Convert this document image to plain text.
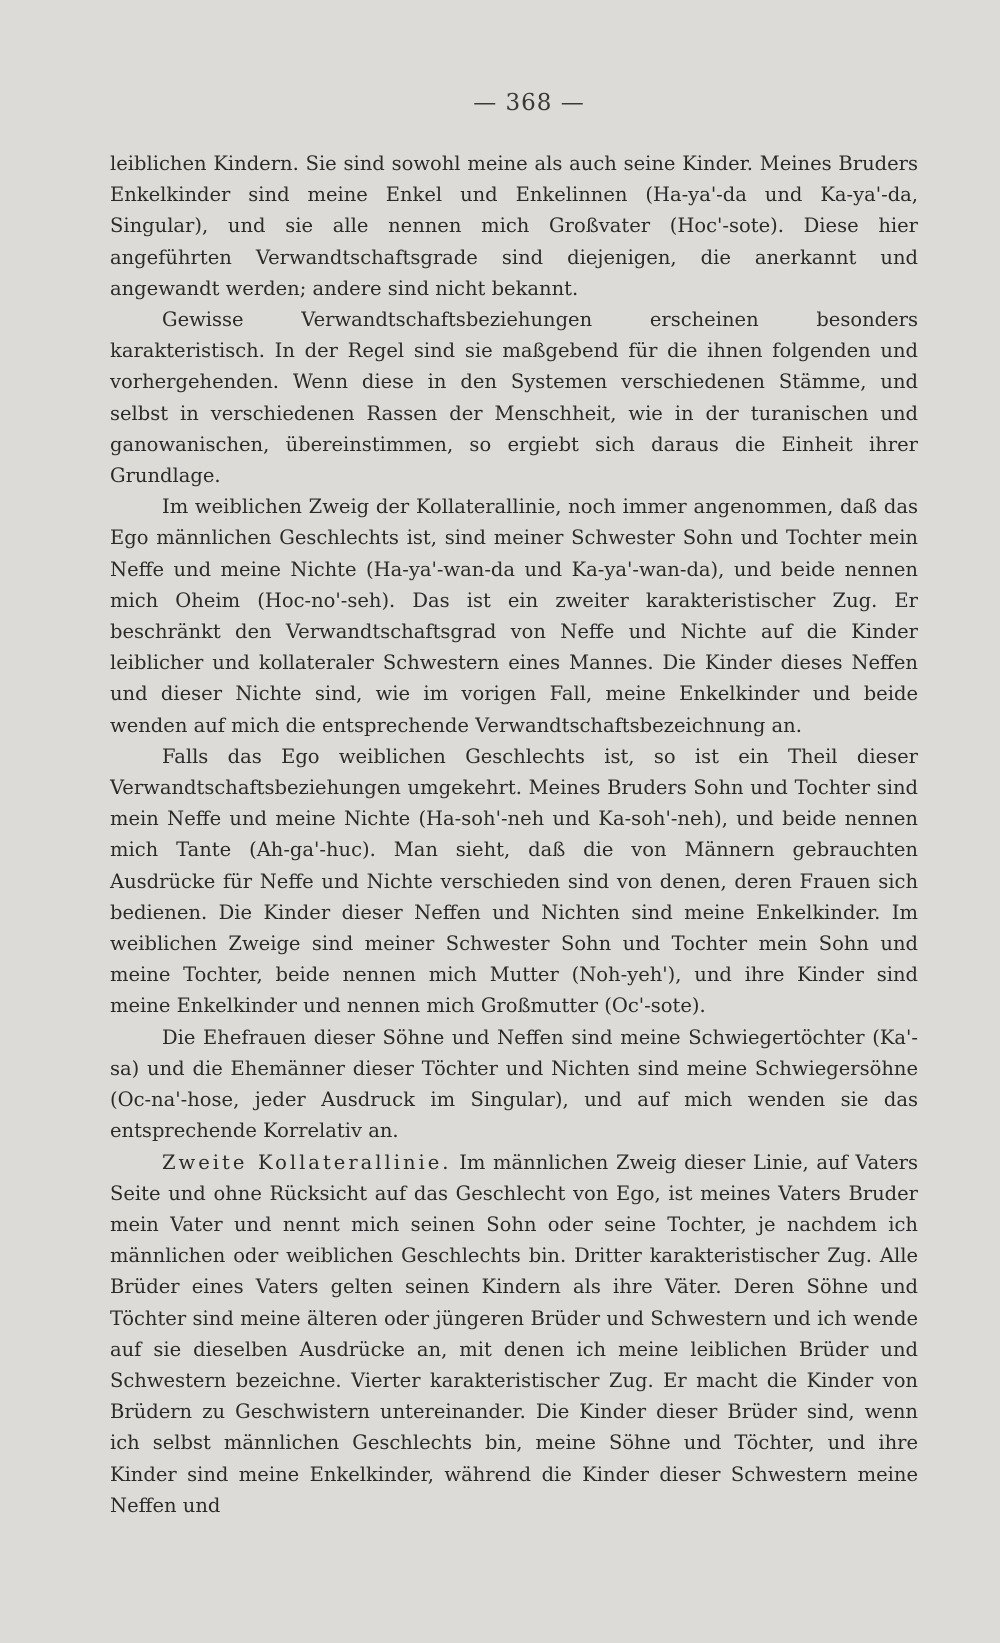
— 368 —

leiblichen Kindern. Sie sind sowohl meine als auch seine Kinder. Meines Bruders Enkelkinder sind meine Enkel und Enkelinnen (Ha-ya'-da und Ka-ya'-da, Singular), und sie alle nennen mich Großvater (Hoc'-sote). Diese hier angeführten Verwandtschaftsgrade sind diejenigen, die anerkannt und angewandt werden; andere sind nicht bekannt.

Gewisse Verwandtschaftsbeziehungen erscheinen besonders karakteristisch. In der Regel sind sie maßgebend für die ihnen folgenden und vorhergehenden. Wenn diese in den Systemen verschiedenen Stämme, und selbst in verschiedenen Rassen der Menschheit, wie in der turanischen und ganowanischen, übereinstimmen, so ergiebt sich daraus die Einheit ihrer Grundlage.

Im weiblichen Zweig der Kollaterallinie, noch immer angenommen, daß das Ego männlichen Geschlechts ist, sind meiner Schwester Sohn und Tochter mein Neffe und meine Nichte (Ha-ya'-wan-da und Ka-ya'-wan-da), und beide nennen mich Oheim (Hoc-no'-seh). Das ist ein zweiter karakteristischer Zug. Er beschränkt den Verwandtschaftsgrad von Neffe und Nichte auf die Kinder leiblicher und kollateraler Schwestern eines Mannes. Die Kinder dieses Neffen und dieser Nichte sind, wie im vorigen Fall, meine Enkelkinder und beide wenden auf mich die entsprechende Verwandtschaftsbezeichnung an.

Falls das Ego weiblichen Geschlechts ist, so ist ein Theil dieser Verwandtschaftsbeziehungen umgekehrt. Meines Bruders Sohn und Tochter sind mein Neffe und meine Nichte (Ha-soh'-neh und Ka-soh'-neh), und beide nennen mich Tante (Ah-ga'-huc). Man sieht, daß die von Männern gebrauchten Ausdrücke für Neffe und Nichte verschieden sind von denen, deren Frauen sich bedienen. Die Kinder dieser Neffen und Nichten sind meine Enkelkinder. Im weiblichen Zweige sind meiner Schwester Sohn und Tochter mein Sohn und meine Tochter, beide nennen mich Mutter (Noh-yeh'), und ihre Kinder sind meine Enkelkinder und nennen mich Großmutter (Oc'-sote).

Die Ehefrauen dieser Söhne und Neffen sind meine Schwiegertöchter (Ka'-sa) und die Ehemänner dieser Töchter und Nichten sind meine Schwiegersöhne (Oc-na'-hose, jeder Ausdruck im Singular), und auf mich wenden sie das entsprechende Korrelativ an.

Zweite Kollaterallinie. Im männlichen Zweig dieser Linie, auf Vaters Seite und ohne Rücksicht auf das Geschlecht von Ego, ist meines Vaters Bruder mein Vater und nennt mich seinen Sohn oder seine Tochter, je nachdem ich männlichen oder weiblichen Geschlechts bin. Dritter karakteristischer Zug. Alle Brüder eines Vaters gelten seinen Kindern als ihre Väter. Deren Söhne und Töchter sind meine älteren oder jüngeren Brüder und Schwestern und ich wende auf sie dieselben Ausdrücke an, mit denen ich meine leiblichen Brüder und Schwestern bezeichne. Vierter karakteristischer Zug. Er macht die Kinder von Brüdern zu Geschwistern untereinander. Die Kinder dieser Brüder sind, wenn ich selbst männlichen Geschlechts bin, meine Söhne und Töchter, und ihre Kinder sind meine Enkelkinder, während die Kinder dieser Schwestern meine Neffen und
